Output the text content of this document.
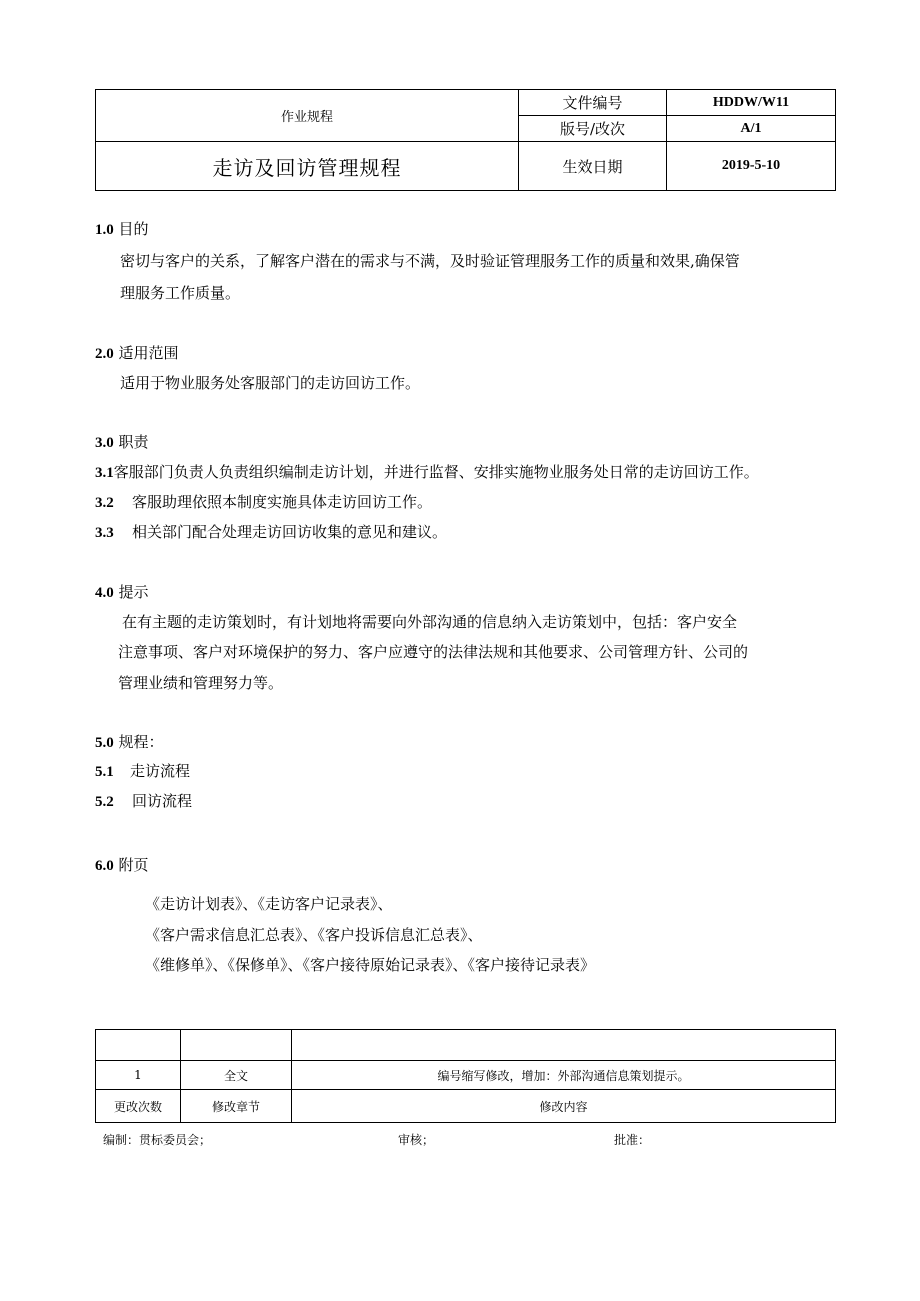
作业规程	文件编号	HDDW/W11
	版号/改次	A/1
走访及回访管理规程	生效日期	2019-5-10
1.0 目的
密切与客户的关系，了解客户潜在的需求与不满，及时验证管理服务工作的质量和效果,确保管
理服务工作质量。
2.0 适用范围
适用于物业服务处客服部门的走访回访工作。
3.0 职责
3.1客服部门负责人负责组织编制走访计划，并进行监督、安排实施物业服务处日常的走访回访工作。
3.2 客服助理依照本制度实施具体走访回访工作。
3.3 相关部门配合处理走访回访收集的意见和建议。
4.0 提示
在有主题的走访策划时，有计划地将需要向外部沟通的信息纳入走访策划中，包括：客户安全
注意事项、客户对环境保护的努力、客户应遵守的法律法规和其他要求、公司管理方针、公司的
管理业绩和管理努力等。
5.0 规程：
5.1 走访流程
5.2 回访流程
6.0 附页
《走访计划表》、《走访客户记录表》、
《客户需求信息汇总表》、《客户投诉信息汇总表》、
《维修单》、《保修单》、《客户接待原始记录表》、《客户接待记录表》

1	全文	编号缩写修改，增加：外部沟通信息策划提示。
更改次数	修改章节	修改内容
编制：贯标委员会；	审核；	批准：
